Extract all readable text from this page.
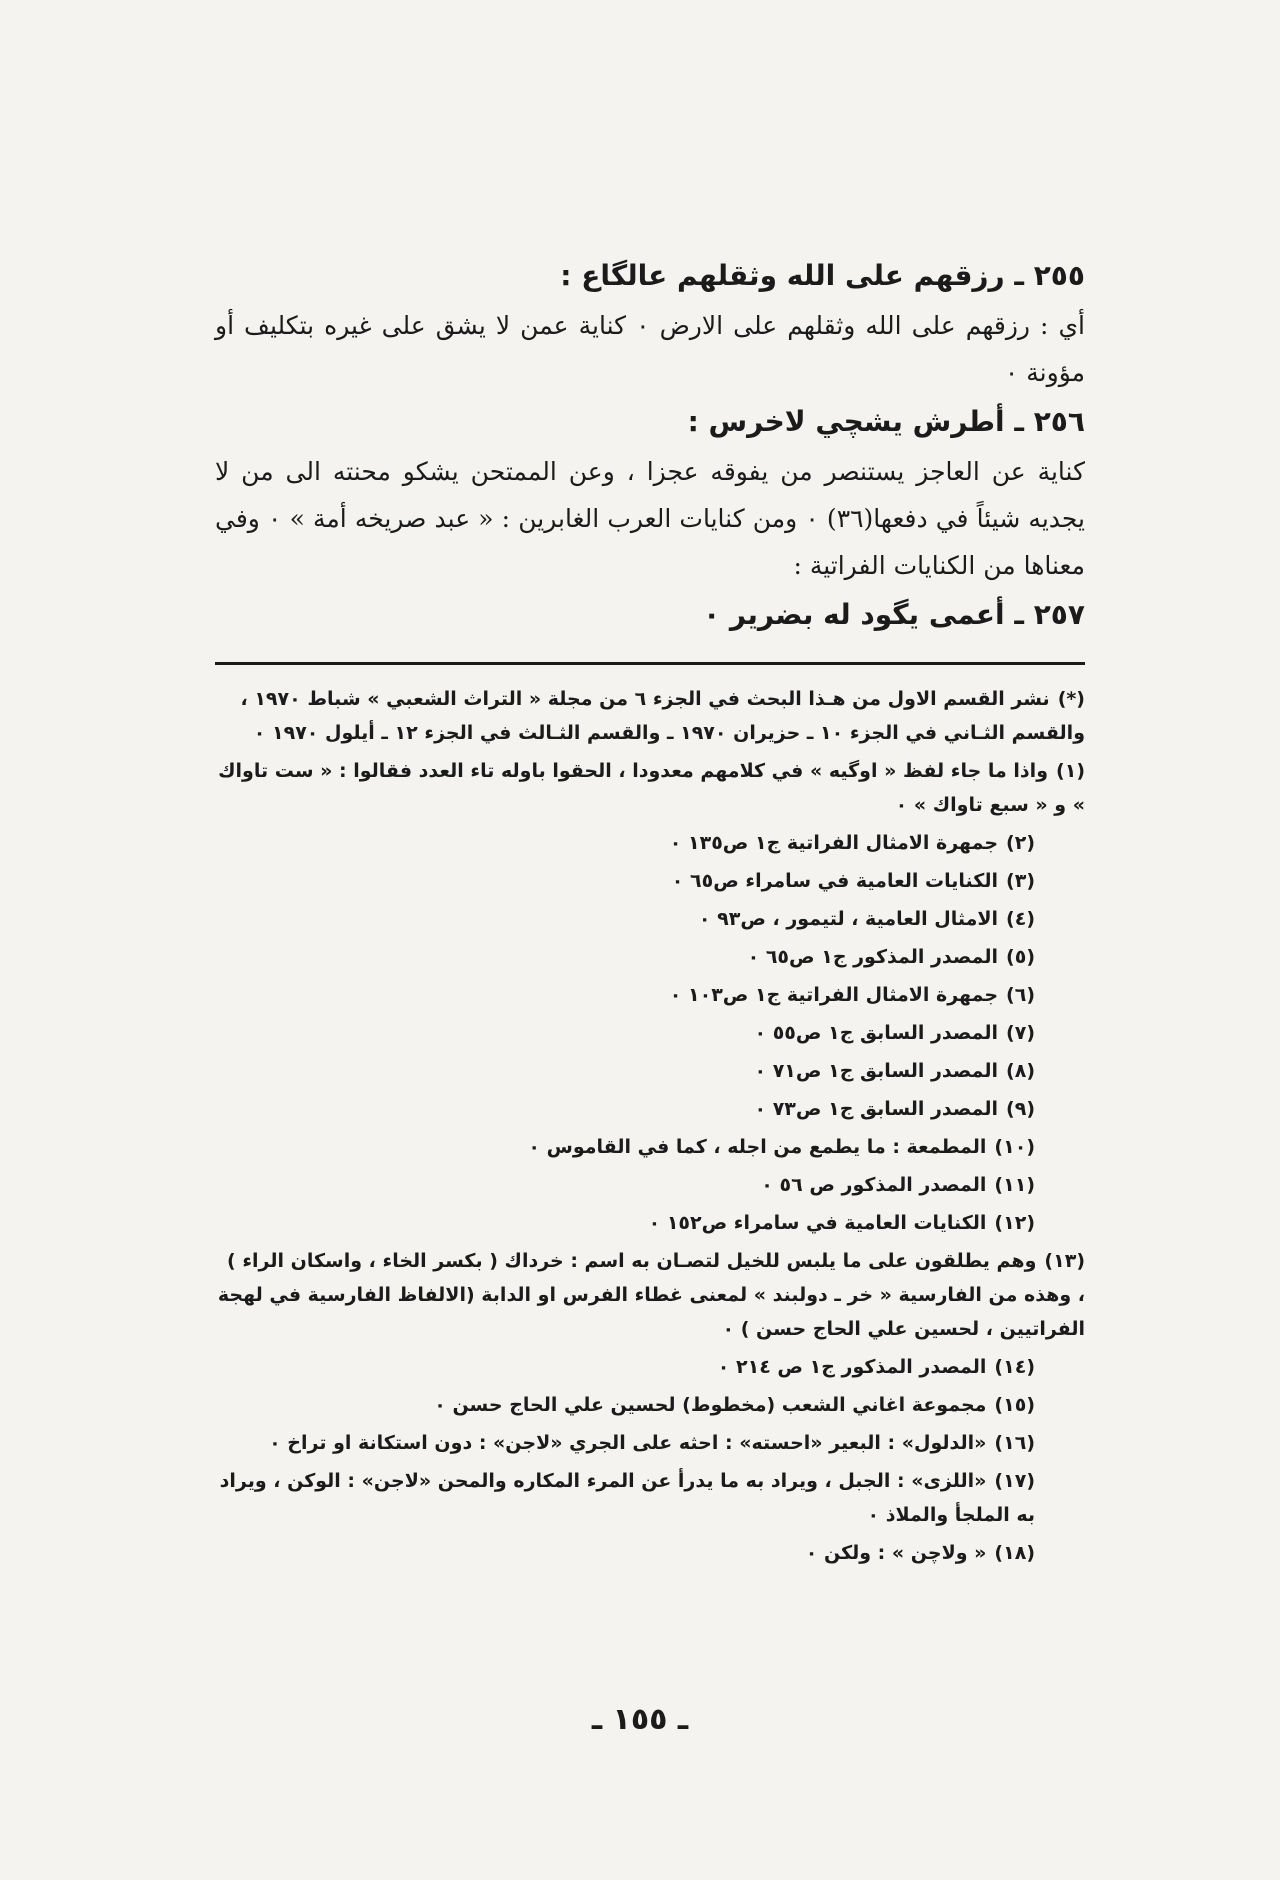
٢٥٥ ـ رزقهم على الله وثقلهم عالگاع :

أي : رزقهم على الله وثقلهم على الارض ٠ كناية عمن لا يشق على غيره بتكليف أو مؤونة ٠

٢٥٦ ـ أطرش يشچي لاخرس :

كناية عن العاجز يستنصر من يفوقه عجزا ، وعن الممتحن يشكو محنته الى من لا يجديه شيئاً في دفعها(٣٦) ٠ ومن كنايات العرب الغابرين : « عبد صريخه أمة » ٠ وفي معناها من الكنايات الفراتية :

٢٥٧ ـ أعمى يگود له بضرير ٠

(*)نشر القسم الاول من هـذا البحث في الجزء ٦ من مجلة « التراث الشعبي » شباط ١٩٧٠ ، والقسم الثـاني في الجزء ١٠ ـ حزيران ١٩٧٠ ـ والقسم الثـالث في الجزء ١٢ ـ أيلول ١٩٧٠ ٠

(١)واذا ما جاء لفظ « اوگيه » في كلامهم معدودا ، الحقوا باوله تاء العدد فقالوا : « ست تاواك » و « سبع تاواك » ٠

(٢)جمهرة الامثال الفراتية ج١ ص١٣٥ ٠

(٣)الكنايات العامية في سامراء ص٦٥ ٠

(٤)الامثال العامية ، لتيمور ، ص٩٣ ٠

(٥)المصدر المذكور ج١ ص٦٥ ٠

(٦)جمهرة الامثال الفراتية ج١ ص١٠٣ ٠

(٧)المصدر السابق ج١ ص٥٥ ٠

(٨)المصدر السابق ج١ ص٧١ ٠

(٩)المصدر السابق ج١ ص٧٣ ٠

(١٠)المطمعة : ما يطمع من اجله ، كما في القاموس ٠

(١١)المصدر المذكور ص ٥٦ ٠

(١٢)الكنايات العامية في سامراء ص١٥٢ ٠

(١٣)وهم يطلقون على ما يلبس للخيل لتصـان به اسم : خرداك ( بكسر الخاء ، واسكان الراء ) ، وهذه من الفارسية « خر ـ دولبند » لمعنى غطاء الفرس او الدابة (الالفاظ الفارسية في لهجة الفراتيين ، لحسين علي الحاج حسن ) ٠

(١٤)المصدر المذكور ج١ ص ٢١٤ ٠

(١٥)مجموعة اغاني الشعب (مخطوط) لحسين علي الحاج حسن ٠

(١٦)«الدلول» : البعير «احسته» : احثه على الجري «لاجن» : دون استكانة او تراخ ٠

(١٧)«اللزى» : الجبل ، ويراد به ما يدرأ عن المرء المكاره والمحن «لاجن» : الوكن ، ويراد به الملجأ والملاذ ٠

(١٨)« ولاچن » : ولكن ٠

ـ ١٥٥ ـ
